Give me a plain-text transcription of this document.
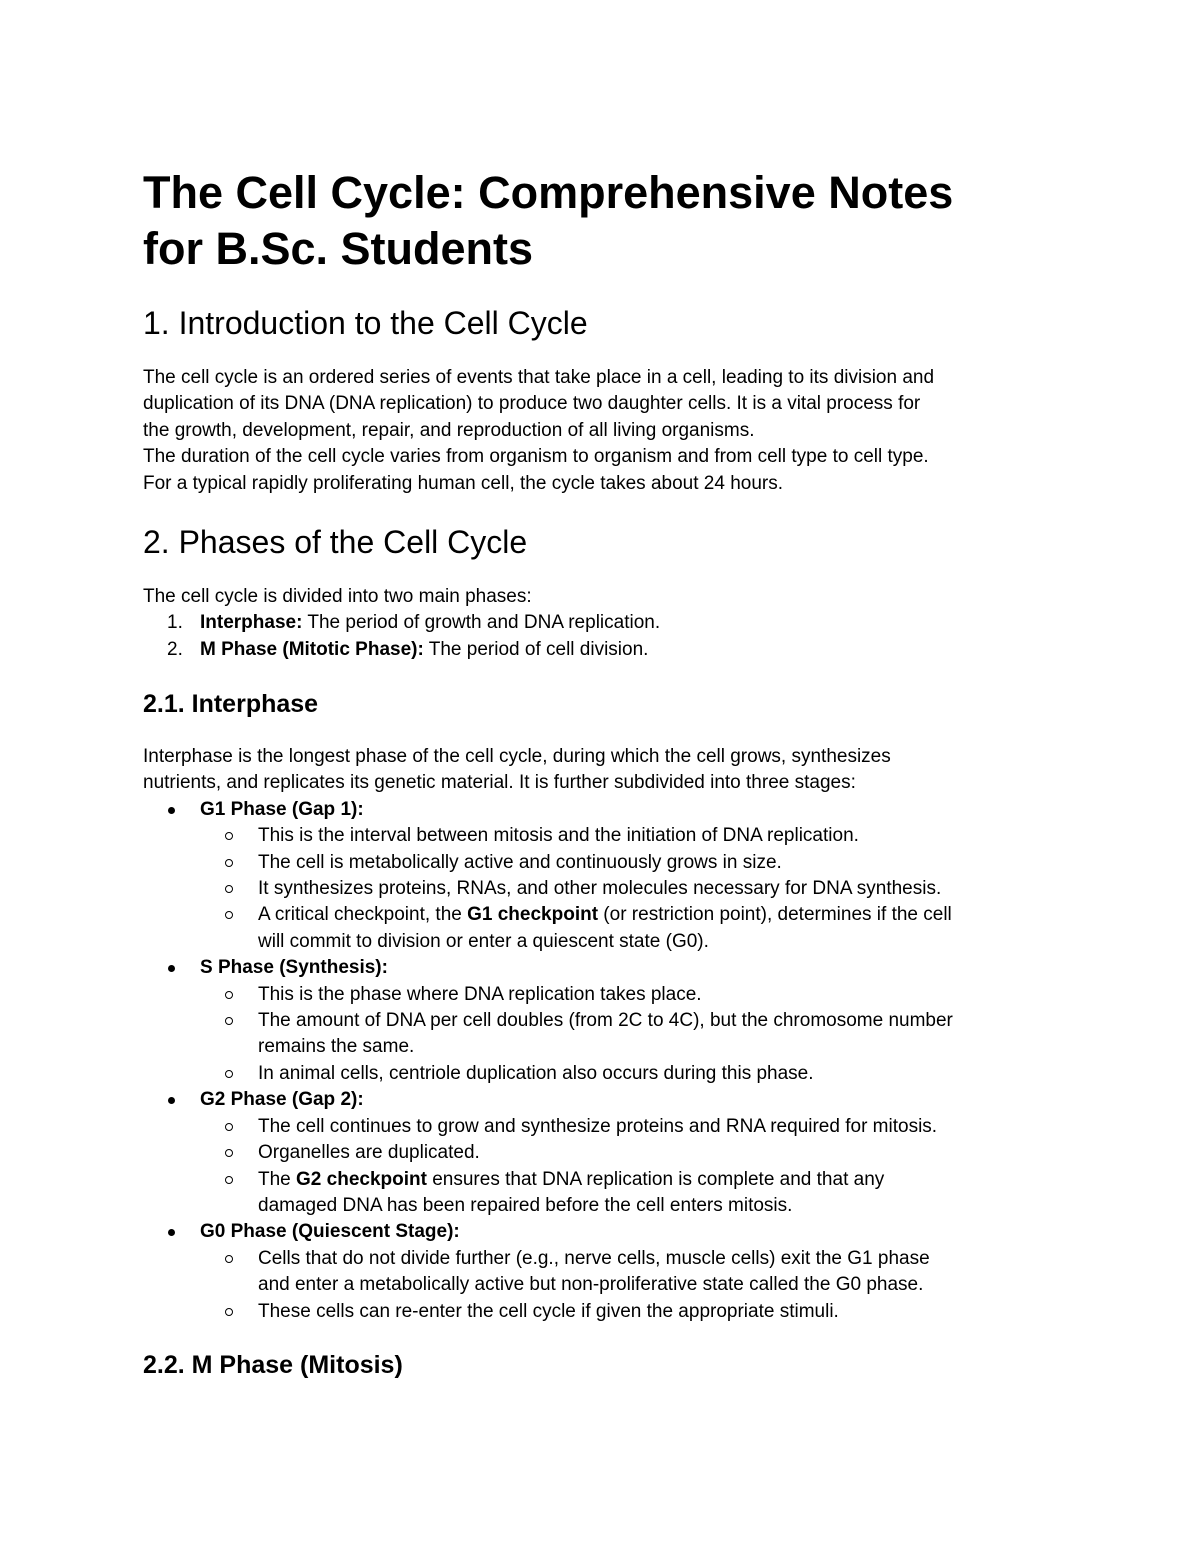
The Cell Cycle: Comprehensive Notes
for B.Sc. Students
1. Introduction to the Cell Cycle
The cell cycle is an ordered series of events that take place in a cell, leading to its division and
duplication of its DNA (DNA replication) to produce two daughter cells. It is a vital process for
the growth, development, repair, and reproduction of all living organisms.
The duration of the cell cycle varies from organism to organism and from cell type to cell type.
For a typical rapidly proliferating human cell, the cycle takes about 24 hours.
2. Phases of the Cell Cycle
The cell cycle is divided into two main phases:
1. Interphase: The period of growth and DNA replication.
2. M Phase (Mitotic Phase): The period of cell division.
2.1. Interphase
Interphase is the longest phase of the cell cycle, during which the cell grows, synthesizes
nutrients, and replicates its genetic material. It is further subdivided into three stages:
G1 Phase (Gap 1):
This is the interval between mitosis and the initiation of DNA replication.
The cell is metabolically active and continuously grows in size.
It synthesizes proteins, RNAs, and other molecules necessary for DNA synthesis.
A critical checkpoint, the G1 checkpoint (or restriction point), determines if the cell
will commit to division or enter a quiescent state (G0).
S Phase (Synthesis):
This is the phase where DNA replication takes place.
The amount of DNA per cell doubles (from 2C to 4C), but the chromosome number
remains the same.
In animal cells, centriole duplication also occurs during this phase.
G2 Phase (Gap 2):
The cell continues to grow and synthesize proteins and RNA required for mitosis.
Organelles are duplicated.
The G2 checkpoint ensures that DNA replication is complete and that any
damaged DNA has been repaired before the cell enters mitosis.
G0 Phase (Quiescent Stage):
Cells that do not divide further (e.g., nerve cells, muscle cells) exit the G1 phase
and enter a metabolically active but non-proliferative state called the G0 phase.
These cells can re-enter the cell cycle if given the appropriate stimuli.
2.2. M Phase (Mitosis)
